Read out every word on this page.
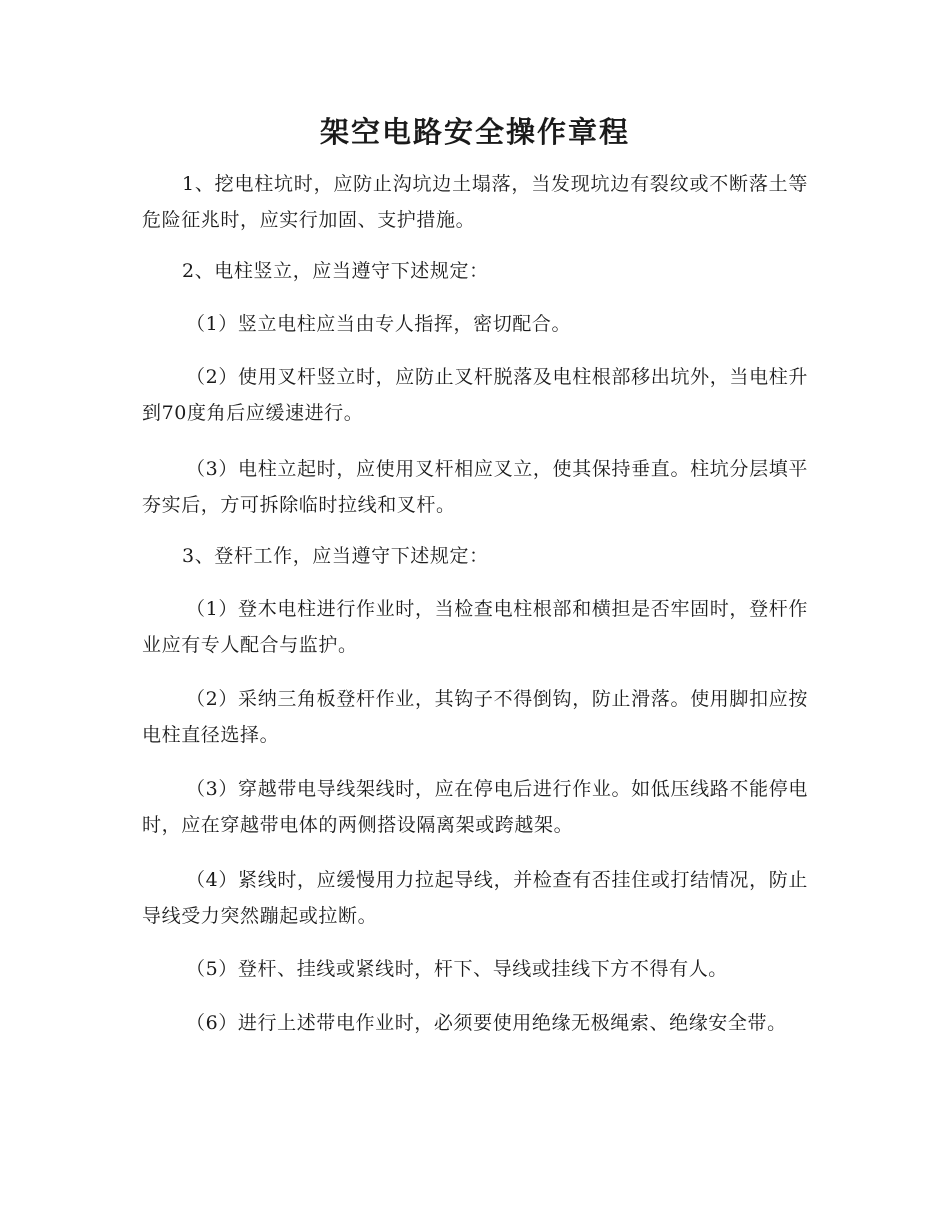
架空电路安全操作章程

1、挖电柱坑时，应防止沟坑边土塌落，当发现坑边有裂纹或不断落土等危险征兆时，应实行加固、支护措施。

2、电柱竖立，应当遵守下述规定：

（1）竖立电柱应当由专人指挥，密切配合。

（2）使用叉杆竖立时，应防止叉杆脱落及电柱根部移出坑外，当电柱升到70度角后应缓速进行。

（3）电柱立起时，应使用叉杆相应叉立，使其保持垂直。柱坑分层填平夯实后，方可拆除临时拉线和叉杆。

3、登杆工作，应当遵守下述规定：

（1）登木电柱进行作业时，当检查电柱根部和横担是否牢固时，登杆作业应有专人配合与监护。

（2）采纳三角板登杆作业，其钩子不得倒钩，防止滑落。使用脚扣应按电柱直径选择。

（3）穿越带电导线架线时，应在停电后进行作业。如低压线路不能停电时，应在穿越带电体的两侧搭设隔离架或跨越架。

（4）紧线时，应缓慢用力拉起导线，并检查有否挂住或打结情况，防止导线受力突然蹦起或拉断。

（5）登杆、挂线或紧线时，杆下、导线或挂线下方不得有人。

（6）进行上述带电作业时，必须要使用绝缘无极绳索、绝缘安全带。
